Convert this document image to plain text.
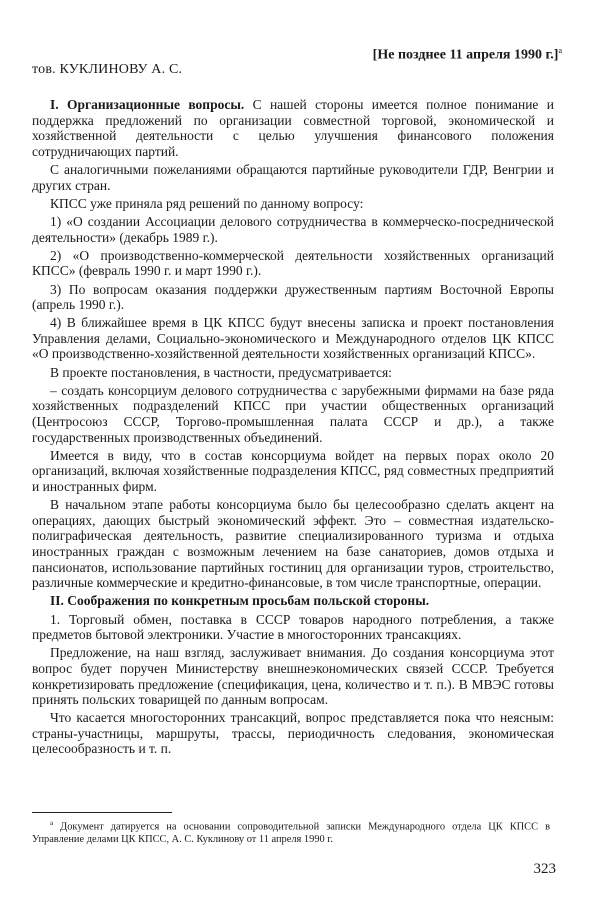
[Не позднее 11 апреля 1990 г.]$^а$
тов. КУКЛИНОВУ А. С.

I. Организационные вопросы. С нашей стороны имеется полное понимание и поддержка предложений по организации совместной торговой, экономической и хозяйственной деятельности с целью улучшения финансового положения сотрудничающих партий.

С аналогичными пожеланиями обращаются партийные руководители ГДР, Венгрии и других стран.

КПСС уже приняла ряд решений по данному вопросу:

1) «О создании Ассоциации делового сотрудничества в коммерческо-посреднической деятельности» (декабрь 1989 г.).

2) «О производственно-коммерческой деятельности хозяйственных организаций КПСС» (февраль 1990 г. и март 1990 г.).

3) По вопросам оказания поддержки дружественным партиям Восточной Европы (апрель 1990 г.).

4) В ближайшее время в ЦК КПСС будут внесены записка и проект постановления Управления делами, Социально-экономического и Международного отделов ЦК КПСС «О производственно-хозяйственной деятельности хозяйственных организаций КПСС».

В проекте постановления, в частности, предусматривается:

– создать консорциум делового сотрудничества с зарубежными фирмами на базе ряда хозяйственных подразделений КПСС при участии общественных организаций (Центросоюз СССР, Торгово-промышленная палата СССР и др.), а также государственных производственных объединений.

Имеется в виду, что в состав консорциума войдет на первых порах около 20 организаций, включая хозяйственные подразделения КПСС, ряд совместных предприятий и иностранных фирм.

В начальном этапе работы консорциума было бы целесообразно сделать акцент на операциях, дающих быстрый экономический эффект. Это – совместная издательско-полиграфическая деятельность, развитие специализированного туризма и отдыха иностранных граждан с возможным лечением на базе санаториев, домов отдыха и пансионатов, использование партийных гостиниц для организации туров, строительство, различные коммерческие и кредитно-финансовые, в том числе транспортные, операции.

II. Соображения по конкретным просьбам польской стороны.

1. Торговый обмен, поставка в СССР товаров народного потребления, а также предметов бытовой электроники. Участие в многосторонних трансакциях.

Предложение, на наш взгляд, заслуживает внимания. До создания консорциума этот вопрос будет поручен Министерству внешнеэкономических связей СССР. Требуется конкретизировать предложение (спецификация, цена, количество и т. п.). В МВЭС готовы принять польских товарищей по данным вопросам.

Что касается многосторонних трансакций, вопрос представляется пока что неясным: страны-участницы, маршруты, трассы, периодичность следования, экономическая целесообразность и т. п.

$^а$ Документ датируется на основании сопроводительной записки Международного отдела ЦК КПСС в Управление делами ЦК КПСС, А. С. Куклинову от 11 апреля 1990 г.
323
